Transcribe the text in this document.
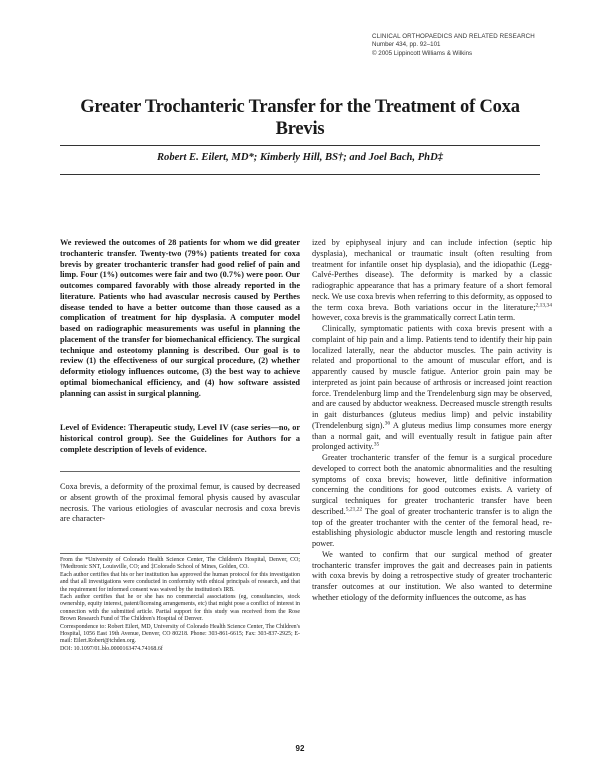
CLINICAL ORTHOPAEDICS AND RELATED RESEARCH
Number 434, pp. 92–101
© 2005 Lippincott Williams & Wilkins
Greater Trochanteric Transfer for the Treatment of Coxa Brevis
Robert E. Eilert, MD*; Kimberly Hill, BS†; and Joel Bach, PhD‡
We reviewed the outcomes of 28 patients for whom we did greater trochanteric transfer. Twenty-two (79%) patients treated for coxa brevis by greater trochanteric transfer had good relief of pain and limp. Four (1%) outcomes were fair and two (0.7%) were poor. Our outcomes compared favorably with those already reported in the literature. Patients who had avascular necrosis caused by Perthes disease tended to have a better outcome than those caused as a complication of treatment for hip dysplasia. A computer model based on radiographic measurements was useful in planning the placement of the transfer for biomechanical efficiency. The surgical technique and osteotomy planning is described. Our goal is to review (1) the effectiveness of our surgical procedure, (2) whether deformity etiology influences outcome, (3) the best way to achieve optimal biomechanical efficiency, and (4) how software assisted planning can assist in surgical planning.
Level of Evidence: Therapeutic study, Level IV (case series—no, or historical control group). See the Guidelines for Authors for a complete description of levels of evidence.
Coxa brevis, a deformity of the proximal femur, is caused by decreased or absent growth of the proximal femoral physis caused by avascular necrosis. The various etiologies of avascular necrosis and coxa brevis are character-

From the *University of Colorado Health Science Center, The Children's Hospital, Denver, CO; †Medtronic SNT, Louisville, CO; and ‡Colorado School of Mines, Golden, CO.

Each author certifies that his or her institution has approved the human protocol for this investigation and that all investigations were conducted in conformity with ethical principals of research, and that the requirement for informed consent was waived by the institution's IRB.

Each author certifies that he or she has no commercial associations (eg, consultancies, stock ownership, equity interest, patent/licensing arrangements, etc) that might pose a conflict of interest in connection with the submitted article. Partial support for this study was received from the Rose Brown Research Fund of The Children's Hospital of Denver.

Correspondence to: Robert Eilert, MD, University of Colorado Health Science Center, The Children's Hospital, 1056 East 19th Avenue, Denver, CO 80218. Phone: 303-861-6615; Fax: 303-837-2925; E-mail: Eilert.Robert@tchden.org.

DOI: 10.1097/01.blo.0000163474.74168.6f

ized by epiphyseal injury and can include infection (septic hip dysplasia), mechanical or traumatic insult (often resulting from treatment for infantile onset hip dysplasia), and the idiopathic (Legg-Calvé-Perthes disease). The deformity is marked by a classic radiographic appearance that has a primary feature of a short femoral neck. We use coxa brevis when referring to this deformity, as opposed to the term coxa breva. Both variations occur in the literature;$^{2,13,34}$ however, coxa brevis is the grammatically correct Latin term.

Clinically, symptomatic patients with coxa brevis present with a complaint of hip pain and a limp. Patients tend to identify their hip pain localized laterally, near the abductor muscles. The pain activity is related and proportional to the amount of muscular effort, and is apparently caused by muscle fatigue. Anterior groin pain may be interpreted as joint pain because of arthrosis or increased joint reaction force. Trendelenburg limp and the Trendelenburg sign may be observed, and are caused by abductor weakness. Decreased muscle strength results in gait disturbances (gluteus medius limp) and pelvic instability (Trendelenburg sign).$^{36}$ A gluteus medius limp consumes more energy than a normal gait, and will eventually result in fatigue pain after prolonged activity.$^{35}$

Greater trochanteric transfer of the femur is a surgical procedure developed to correct both the anatomic abnormalities and the resulting symptoms of coxa brevis; however, little definitive information concerning the conditions for good outcomes exists. A variety of surgical techniques for greater trochanteric transfer have been described.$^{5,21,22}$ The goal of greater trochanteric transfer is to align the top of the greater trochanter with the center of the femoral head, re-establishing physiologic abductor muscle length and restoring muscle power.

We wanted to confirm that our surgical method of greater trochanteric transfer improves the gait and decreases pain in patients with coxa brevis by doing a retrospective study of greater trochanteric transfer outcomes at our institution. We also wanted to determine whether etiology of the deformity influences the outcome, as has

92
